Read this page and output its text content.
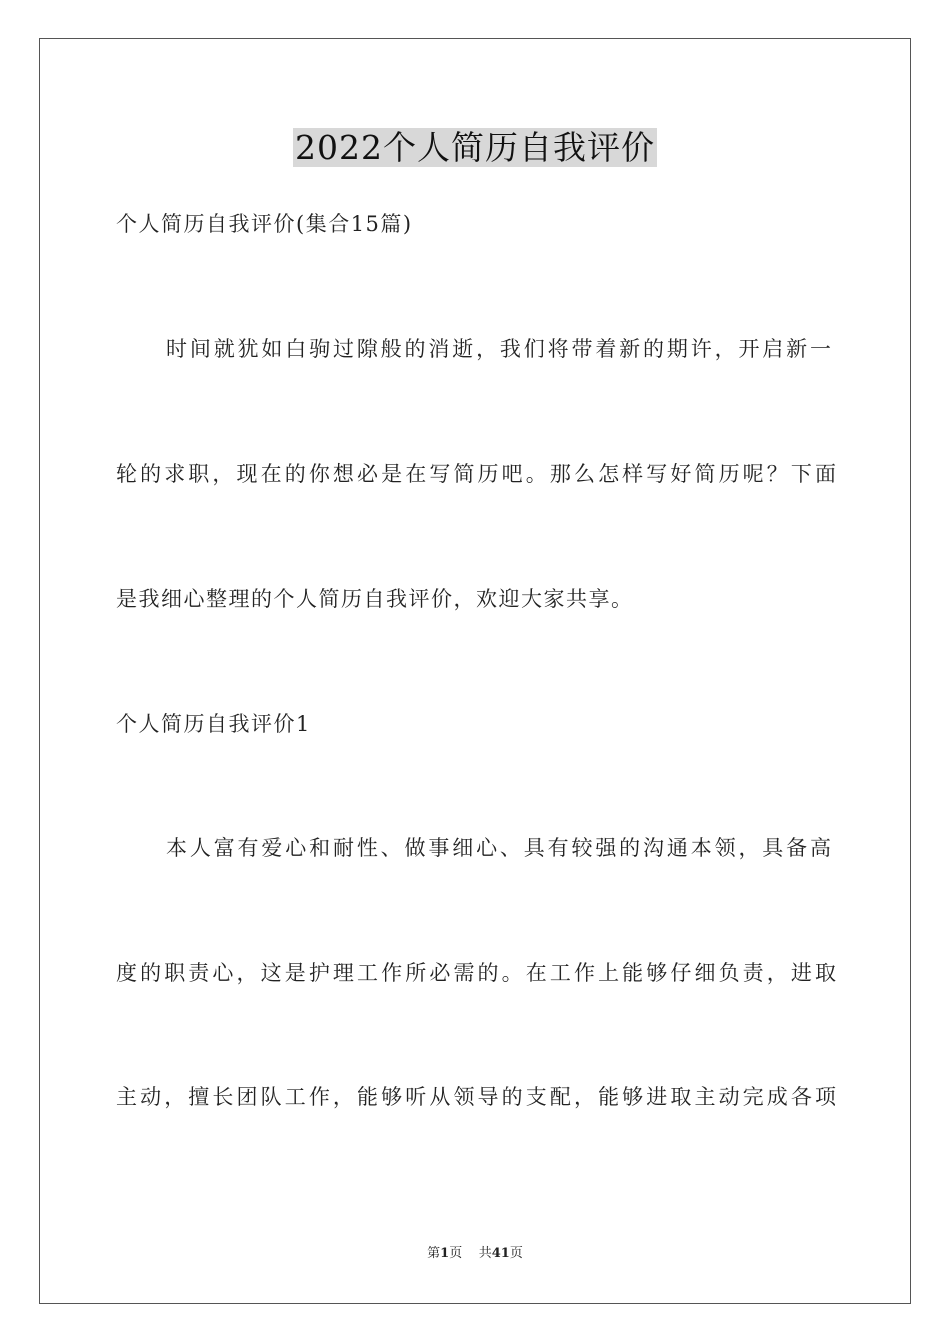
2022个人简历自我评价
个人简历自我评价(集合15篇)
时间就犹如白驹过隙般的消逝，我们将带着新的期许，开启新一
轮的求职，现在的你想必是在写简历吧。那么怎样写好简历呢？下面
是我细心整理的个人简历自我评价，欢迎大家共享。
个人简历自我评价1
本人富有爱心和耐性、做事细心、具有较强的沟通本领，具备高
度的职责心，这是护理工作所必需的。在工作上能够仔细负责，进取
主动，擅长团队工作，能够听从领导的支配，能够进取主动完成各项
第1页 共41页
